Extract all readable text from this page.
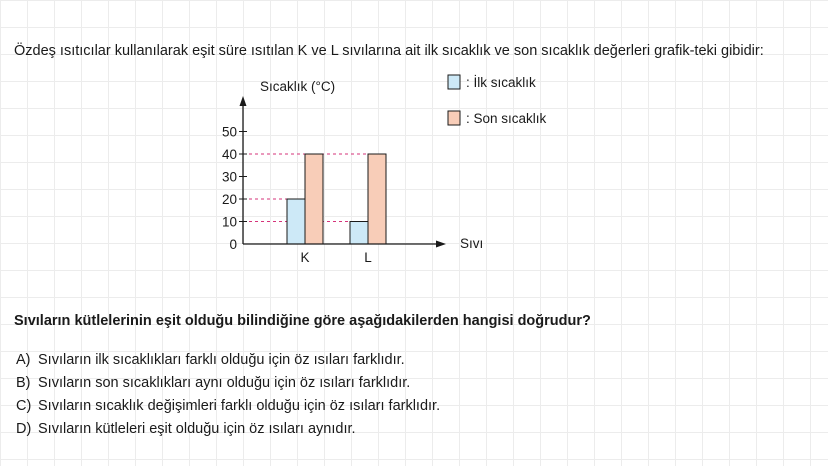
Özdeş ısıtıcılar kullanılarak eşit süre ısıtılan K ve L sıvılarına ait ilk sıcaklık ve son sıcaklık değerleri grafik-teki gibidir:

0
10
20
30
40
50
K	L
Sıcaklık (°C)
Sıvı
: İlk sıcaklık
: Son sıcaklık

Sıvıların kütlelerinin eşit olduğu bilindiğine göre aşağıdakilerden hangisi doğrudur?

A) Sıvıların ilk sıcaklıkları farklı olduğu için öz ısıları farklıdır.
B) Sıvıların son sıcaklıkları aynı olduğu için öz ısıları farklıdır.
C) Sıvıların sıcaklık değişimleri farklı olduğu için öz ısıları farklıdır.
D) Sıvıların kütleleri eşit olduğu için öz ısıları aynıdır.
